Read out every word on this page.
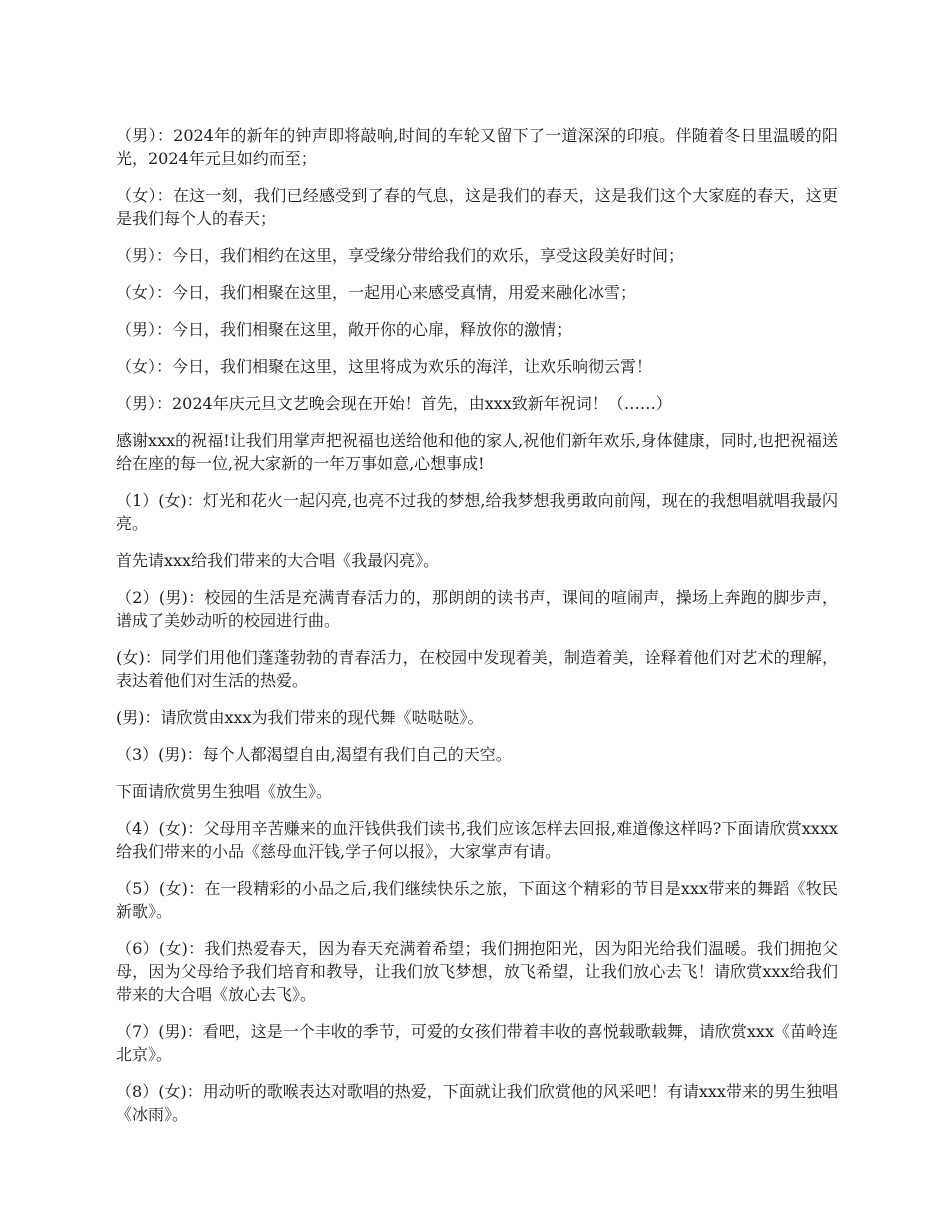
（男）：2024年的新年的钟声即将敲响,时间的车轮又留下了一道深深的印痕。伴随着冬日里温暖的阳光，2024年元旦如约而至；

（女）：在这一刻，我们已经感受到了春的气息，这是我们的春天，这是我们这个大家庭的春天，这更是我们每个人的春天；

（男）：今日，我们相约在这里，享受缘分带给我们的欢乐，享受这段美好时间；

（女）：今日，我们相聚在这里，一起用心来感受真情，用爱来融化冰雪；

（男）：今日，我们相聚在这里，敞开你的心扉，释放你的激情；

（女）：今日，我们相聚在这里，这里将成为欢乐的海洋，让欢乐响彻云霄！

（男）：2024年庆元旦文艺晚会现在开始！首先，由xxx致新年祝词！（……）

感谢xxx的祝福!让我们用掌声把祝福也送给他和他的家人,祝他们新年欢乐,身体健康，同时,也把祝福送给在座的每一位,祝大家新的一年万事如意,心想事成!

（1）(女)：灯光和花火一起闪亮,也亮不过我的梦想,给我梦想我勇敢向前闯，现在的我想唱就唱我最闪亮。

首先请xxx给我们带来的大合唱《我最闪亮》。

（2）(男)：校园的生活是充满青春活力的，那朗朗的读书声，课间的喧闹声，操场上奔跑的脚步声，谱成了美妙动听的校园进行曲。

(女)：同学们用他们蓬蓬勃勃的青春活力，在校园中发现着美，制造着美，诠释着他们对艺术的理解，表达着他们对生活的热爱。

(男)：请欣赏由xxx为我们带来的现代舞《哒哒哒》。

（3）(男)：每个人都渴望自由,渴望有我们自己的天空。

下面请欣赏男生独唱《放生》。

（4）(女)：父母用辛苦赚来的血汗钱供我们读书,我们应该怎样去回报,难道像这样吗?下面请欣赏xxxx给我们带来的小品《慈母血汗钱,学子何以报》，大家掌声有请。

（5）(女)：在一段精彩的小品之后,我们继续快乐之旅，下面这个精彩的节目是xxx带来的舞蹈《牧民新歌》。

（6）(女)：我们热爱春天，因为春天充满着希望；我们拥抱阳光，因为阳光给我们温暖。我们拥抱父母，因为父母给予我们培育和教导，让我们放飞梦想，放飞希望，让我们放心去飞！请欣赏xxx给我们带来的大合唱《放心去飞》。

（7）(男)：看吧，这是一个丰收的季节，可爱的女孩们带着丰收的喜悦载歌载舞，请欣赏xxx《苗岭连北京》。

（8）(女)：用动听的歌喉表达对歌唱的热爱，下面就让我们欣赏他的风采吧！有请xxx带来的男生独唱《冰雨》。
